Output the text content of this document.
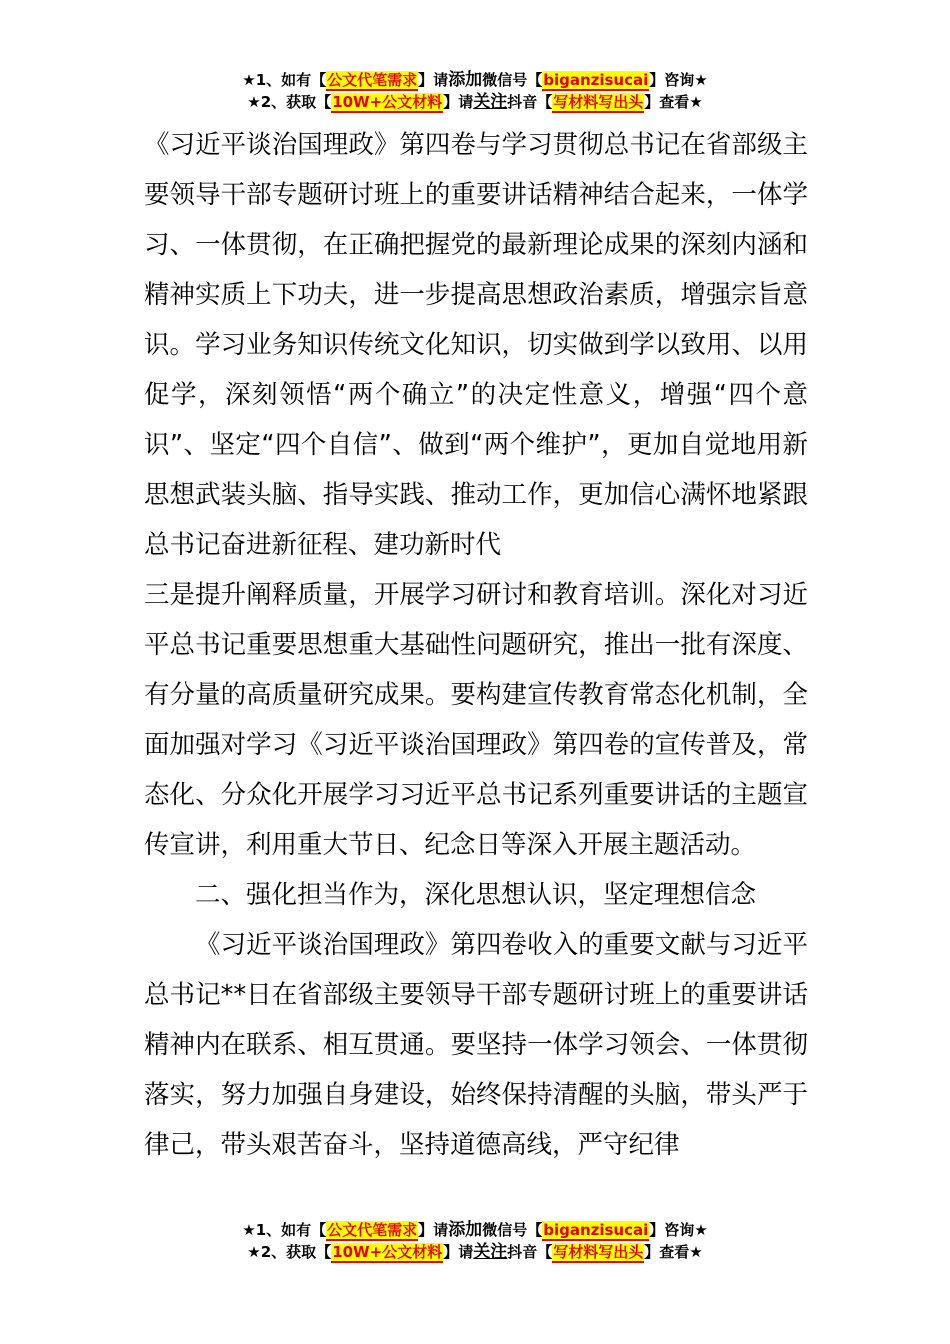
★1、如有【公文代笔需求】请添加微信号【biganzisucai】咨询★
★2、获取【10W+公文材料】请关注抖音【写材料写出头】查看★

《习近平谈治国理政》第四卷与学习贯彻总书记在省部级主要领导干部专题研讨班上的重要讲话精神结合起来，一体学习、一体贯彻，在正确把握党的最新理论成果的深刻内涵和精神实质上下功夫，进一步提高思想政治素质，增强宗旨意识。学习业务知识传统文化知识，切实做到学以致用、以用促学，深刻领悟“两个确立”的决定性意义，增强“四个意识”、坚定“四个自信”、做到“两个维护”，更加自觉地用新思想武装头脑、指导实践、推动工作，更加信心满怀地紧跟总书记奋进新征程、建功新时代

三是提升阐释质量，开展学习研讨和教育培训。深化对习近平总书记重要思想重大基础性问题研究，推出一批有深度、有分量的高质量研究成果。要构建宣传教育常态化机制，全面加强对学习《习近平谈治国理政》第四卷的宣传普及，常态化、分众化开展学习习近平总书记系列重要讲话的主题宣传宣讲，利用重大节日、纪念日等深入开展主题活动。

二、强化担当作为，深化思想认识，坚定理想信念

《习近平谈治国理政》第四卷收入的重要文献与习近平总书记**日在省部级主要领导干部专题研讨班上的重要讲话精神内在联系、相互贯通。要坚持一体学习领会、一体贯彻落实，努力加强自身建设，始终保持清醒的头脑，带头严于律己，带头艰苦奋斗，坚持道德高线，严守纪律

★1、如有【公文代笔需求】请添加微信号【biganzisucai】咨询★
★2、获取【10W+公文材料】请关注抖音【写材料写出头】查看★
